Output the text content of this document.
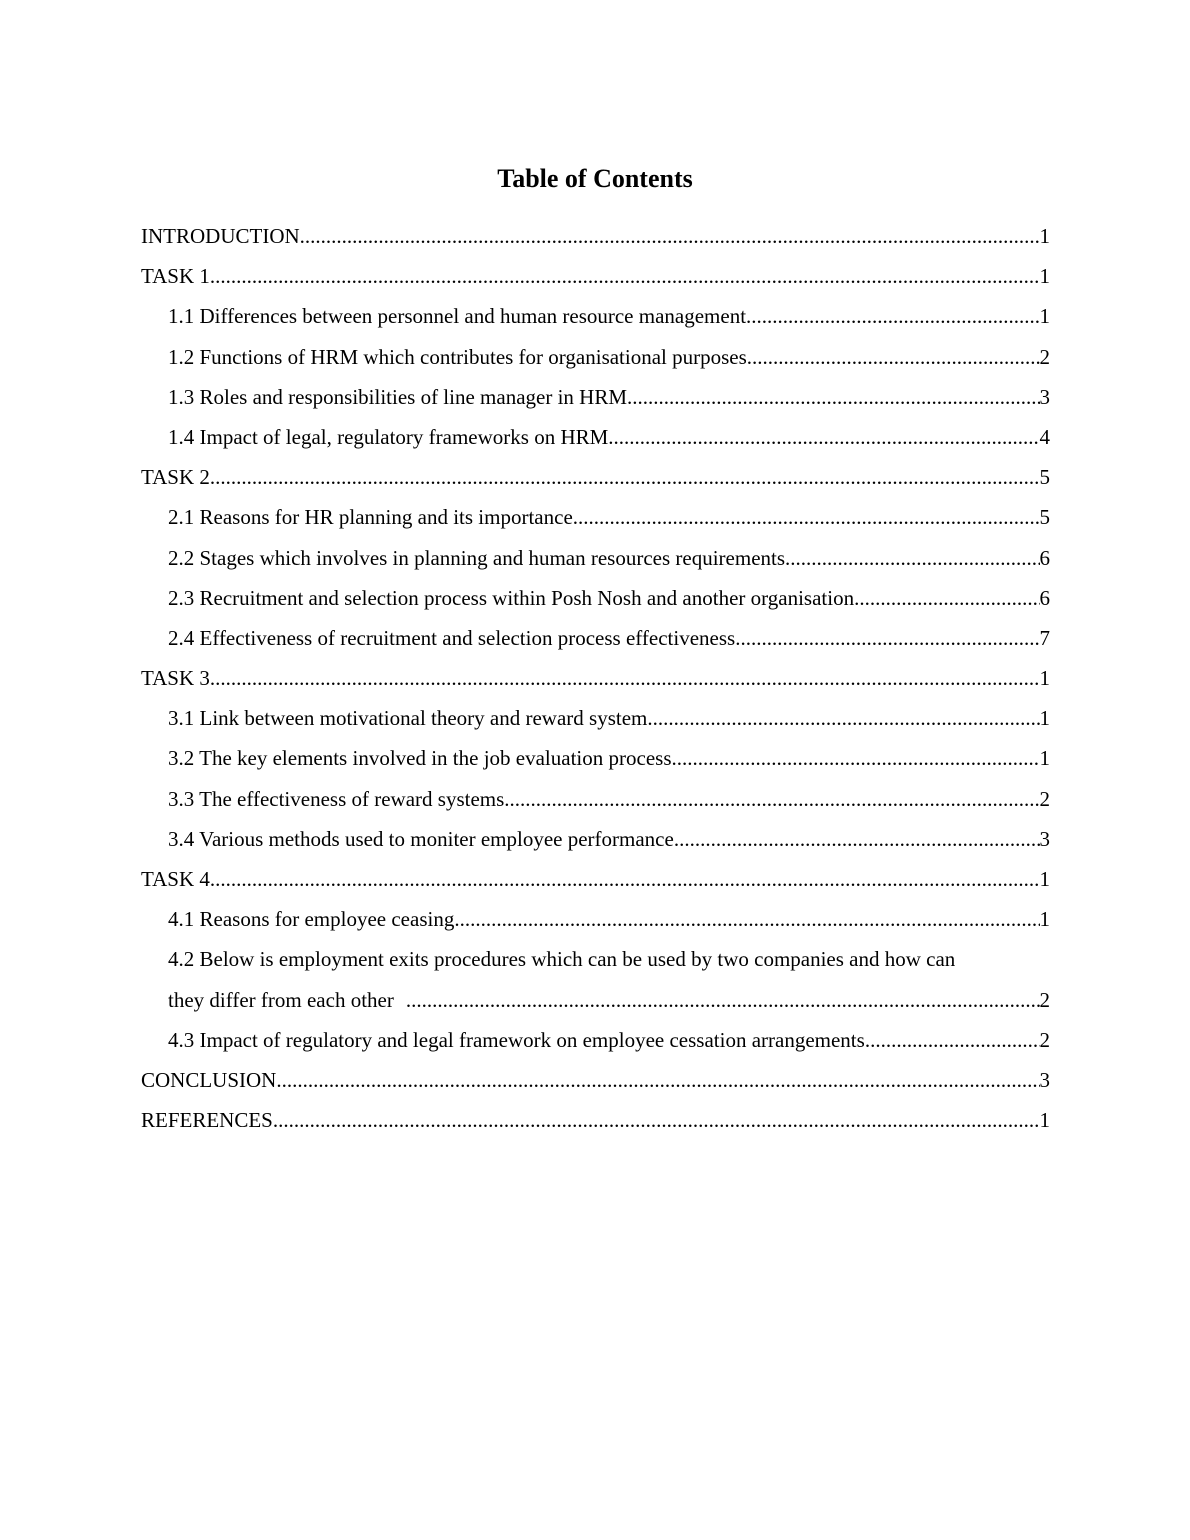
Table of Contents
INTRODUCTION .....	1
TASK 1 .....	1
1.1 Differences between personnel and human resource management .....	1
1.2 Functions of HRM which contributes for organisational purposes .....	2
1.3 Roles and responsibilities of line manager in HRM .....	3
1.4 Impact of legal, regulatory frameworks on HRM .....	4
TASK 2 .....	5
2.1 Reasons for HR planning and its importance .....	5
2.2 Stages which involves in planning and human resources requirements .....	6
2.3 Recruitment and selection process within Posh Nosh and another organisation .....	6
2.4 Effectiveness of recruitment and selection process effectiveness .....	7
TASK 3 .....	1
3.1 Link between motivational theory and reward system .....	1
3.2 The key elements involved in the job evaluation process .....	1
3.3 The effectiveness of reward systems .....	2
3.4 Various methods used to moniter employee performance .....	3
TASK 4 .....	1
4.1 Reasons for employee ceasing .....	1
4.2 Below is employment exits procedures which can be used by two companies and how can
they differ from each other .....	2
4.3 Impact of regulatory and legal framework on employee cessation arrangements .....	2
CONCLUSION .....	3
REFERENCES .....	1
